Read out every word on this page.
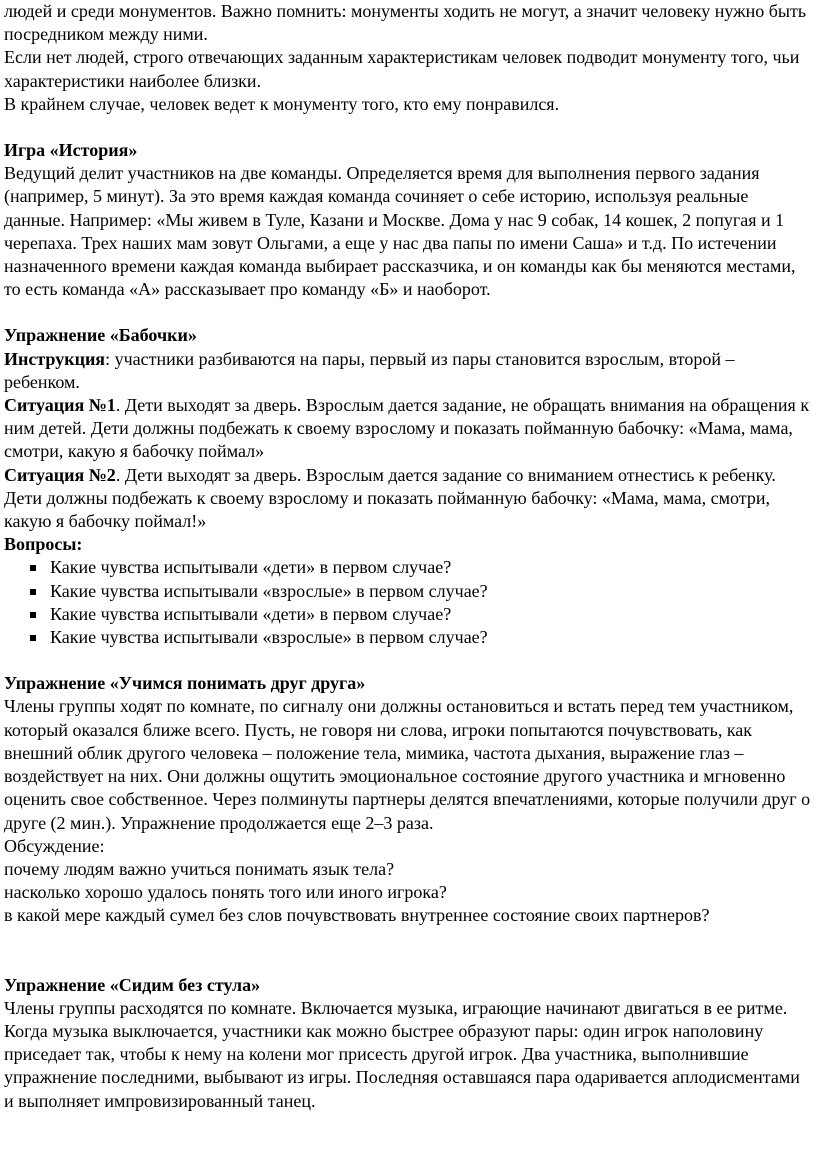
людей и среди монументов. Важно помнить: монументы ходить не могут, а значит человеку нужно быть посредником между ними.

Если нет людей, строго отвечающих заданным характеристикам человек подводит монументу того, чьи характеристики наиболее близки.

В крайнем случае, человек ведет к монументу того, кто ему понравился.

Игра «История»

Ведущий делит участников на две команды. Определяется время для выполнения первого задания (например, 5 минут). За это время каждая команда сочиняет о себе историю, используя реальные данные. Например: «Мы живем в Туле, Казани и Москве. Дома у нас 9 собак, 14 кошек, 2 попугая и 1 черепаха. Трех наших мам зовут Ольгами, а еще у нас два папы по имени Саша» и т.д. По истечении назначенного времени каждая команда выбирает рассказчика, и он команды как бы меняются местами, то есть команда «А» рассказывает про команду «Б» и наоборот.

Упражнение «Бабочки»

Инструкция: участники разбиваются на пары, первый из пары становится взрослым, второй – ребенком.

Ситуация №1. Дети выходят за дверь. Взрослым дается задание, не обращать внимания на обращения к ним детей. Дети должны подбежать к своему взрослому и показать пойманную бабочку: «Мама, мама, смотри, какую я бабочку поймал»

Ситуация №2. Дети выходят за дверь. Взрослым дается задание со вниманием отнестись к ребенку. Дети должны подбежать к своему взрослому и показать пойманную бабочку: «Мама, мама, смотри, какую я бабочку поймал!»

Вопросы:

Какие чувства испытывали «дети» в первом случае?
Какие чувства испытывали «взрослые» в первом случае?
Какие чувства испытывали «дети» в первом случае?
Какие чувства испытывали «взрослые» в первом случае?

Упражнение «Учимся понимать друг друга»

Члены группы ходят по комнате, по сигналу они должны остановиться и встать перед тем участником, который оказался ближе всего. Пусть, не говоря ни слова, игроки попытаются почувствовать, как внешний облик другого человека – положение тела, мимика, частота дыхания, выражение глаз – воздействует на них. Они должны ощутить эмоциональное состояние другого участника и мгновенно оценить свое собственное. Через полминуты партнеры делятся впечатлениями, которые получили друг о друге (2 мин.). Упражнение продолжается еще 2–3 раза.

Обсуждение:

почему людям важно учиться понимать язык тела?

насколько хорошо удалось понять того или иного игрока?

в какой мере каждый сумел без слов почувствовать внутреннее состояние своих партнеров?

Упражнение «Сидим без стула»

Члены группы расходятся по комнате. Включается музыка, играющие начинают двигаться в ее ритме. Когда музыка выключается, участники как можно быстрее образуют пары: один игрок наполовину приседает так, чтобы к нему на колени мог присесть другой игрок. Два участника, выполнившие упражнение последними, выбывают из игры. Последняя оставшаяся пара одаривается аплодисментами и выполняет импровизированный танец.
